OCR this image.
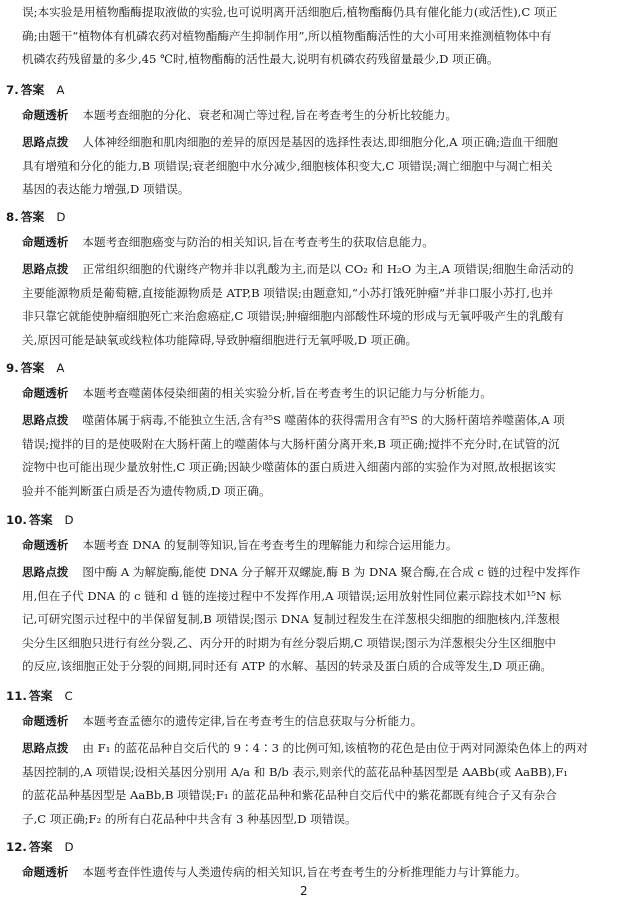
误;本实验是用植物酯酶提取液做的实验,也可说明离开活细胞后,植物酯酶仍具有催化能力(或活性),C 项正
确;由题干“植物体有机磷农药对植物酯酶产生抑制作用”,所以植物酯酶活性的大小可用来推测植物体中有
机磷农药残留量的多少,45 ℃时,植物酯酶的活性最大,说明有机磷农药残留量最少,D 项正确。
7. 答案 A
命题透析 本题考查细胞的分化、衰老和凋亡等过程,旨在考查考生的分析比较能力。
思路点拨 人体神经细胞和肌肉细胞的差异的原因是基因的选择性表达,即细胞分化,A 项正确;造血干细胞
具有增殖和分化的能力,B 项错误;衰老细胞中水分减少,细胞核体积变大,C 项错误;凋亡细胞中与凋亡相关
基因的表达能力增强,D 项错误。
8. 答案 D
命题透析 本题考查细胞癌变与防治的相关知识,旨在考查考生的获取信息能力。
思路点拨 正常组织细胞的代谢终产物并非以乳酸为主,而是以 CO₂ 和 H₂O 为主,A 项错误;细胞生命活动的
主要能源物质是葡萄糖,直接能源物质是 ATP,B 项错误;由题意知,“小苏打饿死肿瘤”并非口服小苏打,也并
非只靠它就能使肿瘤细胞死亡来治愈癌症,C 项错误;肿瘤细胞内部酸性环境的形成与无氧呼吸产生的乳酸有
关,原因可能是缺氧或线粒体功能障碍,导致肿瘤细胞进行无氧呼吸,D 项正确。
9. 答案 A
命题透析 本题考查噬菌体侵染细菌的相关实验分析,旨在考查考生的识记能力与分析能力。
思路点拨 噬菌体属于病毒,不能独立生活,含有³⁵S 噬菌体的获得需用含有³⁵S 的大肠杆菌培养噬菌体,A 项
错误;搅拌的目的是使吸附在大肠杆菌上的噬菌体与大肠杆菌分离开来,B 项正确;搅拌不充分时,在试管的沉
淀物中也可能出现少量放射性,C 项正确;因缺少噬菌体的蛋白质进入细菌内部的实验作为对照,故根据该实
验并不能判断蛋白质是否为遗传物质,D 项正确。
10. 答案 D
命题透析 本题考查 DNA 的复制等知识,旨在考查考生的理解能力和综合运用能力。
思路点拨 图中酶 A 为解旋酶,能使 DNA 分子解开双螺旋,酶 B 为 DNA 聚合酶,在合成 c 链的过程中发挥作
用,但在子代 DNA 的 c 链和 d 链的连接过程中不发挥作用,A 项错误;运用放射性同位素示踪技术如¹⁵N 标
记,可研究图示过程中的半保留复制,B 项错误;图示 DNA 复制过程发生在洋葱根尖细胞的细胞核内,洋葱根
尖分生区细胞只进行有丝分裂,乙、丙分开的时期为有丝分裂后期,C 项错误;图示为洋葱根尖分生区细胞中
的反应,该细胞正处于分裂的间期,同时还有 ATP 的水解、基因的转录及蛋白质的合成等发生,D 项正确。
11. 答案 C
命题透析 本题考查孟德尔的遗传定律,旨在考查考生的信息获取与分析能力。
思路点拨 由 F₁ 的蓝花品种自交后代的 9∶4∶3 的比例可知,该植物的花色是由位于两对同源染色体上的两对
基因控制的,A 项错误;设相关基因分别用 A/a 和 B/b 表示,则亲代的蓝花品种基因型是 AABb(或 AaBB),F₁
的蓝花品种基因型是 AaBb,B 项错误;F₁ 的蓝花品种和紫花品种自交后代中的紫花都既有纯合子又有杂合
子,C 项正确;F₂ 的所有白花品种中共含有 3 种基因型,D 项错误。
12. 答案 D
命题透析 本题考查伴性遗传与人类遗传病的相关知识,旨在考查考生的分析推理能力与计算能力。
2
